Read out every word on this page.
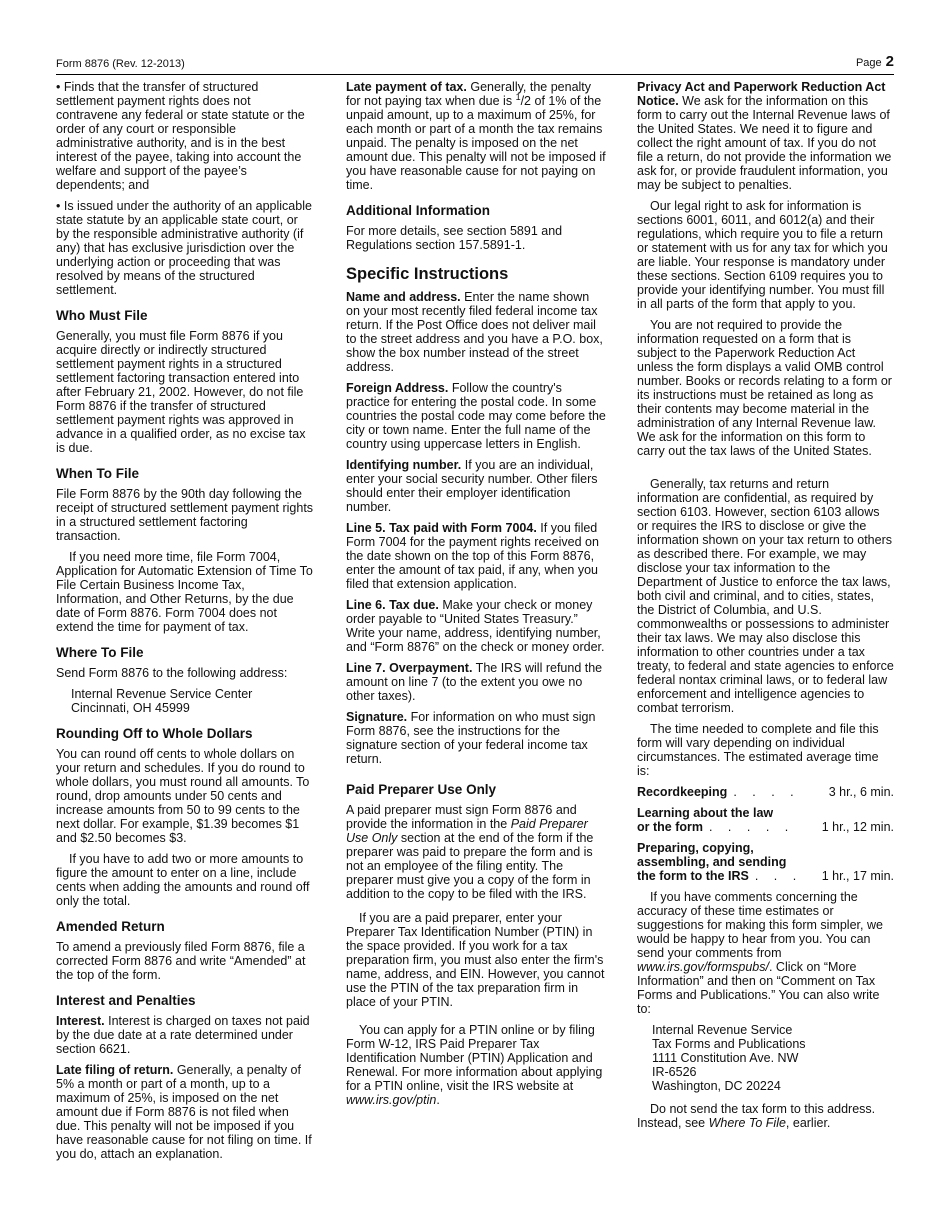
Form 8876 (Rev. 12-2013)	Page 2

• Finds that the transfer of structured settlement payment rights does not contravene any federal or state statute or the order of any court or responsible administrative authority, and is in the best interest of the payee, taking into account the welfare and support of the payee’s dependents; and

• Is issued under the authority of an applicable state statute by an applicable state court, or by the responsible administrative authority (if any) that has exclusive jurisdiction over the underlying action or proceeding that was resolved by means of the structured settlement.

Who Must File

Generally, you must file Form 8876 if you acquire directly or indirectly structured settlement payment rights in a structured settlement factoring transaction entered into after February 21, 2002. However, do not file Form 8876 if the transfer of structured settlement payment rights was approved in advance in a qualified order, as no excise tax is due.

When To File

File Form 8876 by the 90th day following the receipt of structured settlement payment rights in a structured settlement factoring transaction.

If you need more time, file Form 7004, Application for Automatic Extension of Time To File Certain Business Income Tax, Information, and Other Returns, by the due date of Form 8876. Form 7004 does not extend the time for payment of tax.

Where To File

Send Form 8876 to the following address:

Internal Revenue Service Center
Cincinnati, OH 45999
Rounding Off to Whole Dollars

You can round off cents to whole dollars on your return and schedules. If you do round to whole dollars, you must round all amounts. To round, drop amounts under 50 cents and increase amounts from 50 to 99 cents to the next dollar. For example, $1.39 becomes $1 and $2.50 becomes $3.

If you have to add two or more amounts to figure the amount to enter on a line, include cents when adding the amounts and round off only the total.

Amended Return

To amend a previously filed Form 8876, file a corrected Form 8876 and write “Amended” at the top of the form.

Interest and Penalties

Interest. Interest is charged on taxes not paid by the due date at a rate determined under section 6621.

Late filing of return. Generally, a penalty of 5% a month or part of a month, up to a maximum of 25%, is imposed on the net amount due if Form 8876 is not filed when due. This penalty will not be imposed if you have reasonable cause for not filing on time. If you do, attach an explanation.

Late payment of tax. Generally, the penalty for not paying tax when due is $^1$/2 of 1% of the unpaid amount, up to a maximum of 25%, for each month or part of a month the tax remains unpaid. The penalty is imposed on the net amount due. This penalty will not be imposed if you have reasonable cause for not paying on time.

Additional Information

For more details, see section 5891 and Regulations section 157.5891-1.

Specific Instructions

Name and address. Enter the name shown on your most recently filed federal income tax return. If the Post Office does not deliver mail to the street address and you have a P.O. box, show the box number instead of the street address.

Foreign Address. Follow the country's practice for entering the postal code. In some countries the postal code may come before the city or town name. Enter the full name of the country using uppercase letters in English.

Identifying number. If you are an individual, enter your social security number. Other filers should enter their employer identification number.

Line 5. Tax paid with Form 7004. If you filed Form 7004 for the payment rights received on the date shown on the top of this Form 8876, enter the amount of tax paid, if any, when you filed that extension application.

Line 6. Tax due. Make your check or money order payable to “United States Treasury.” Write your name, address, identifying number, and “Form 8876” on the check or money order.

Line 7. Overpayment. The IRS will refund the amount on line 7 (to the extent you owe no other taxes).

Signature. For information on who must sign Form 8876, see the instructions for the signature section of your federal income tax return.

Paid Preparer Use Only

A paid preparer must sign Form 8876 and provide the information in the Paid Preparer Use Only section at the end of the form if the preparer was paid to prepare the form and is not an employee of the filing entity. The preparer must give you a copy of the form in addition to the copy to be filed with the IRS.

If you are a paid preparer, enter your Preparer Tax Identification Number (PTIN) in the space provided. If you work for a tax preparation firm, you must also enter the firm's name, address, and EIN. However, you cannot use the PTIN of the tax preparation firm in place of your PTIN.

You can apply for a PTIN online or by filing Form W-12, IRS Paid Preparer Tax Identification Number (PTIN) Application and Renewal. For more information about applying for a PTIN online, visit the IRS website at www.irs.gov/ptin.

Privacy Act and Paperwork Reduction Act Notice. We ask for the information on this form to carry out the Internal Revenue laws of the United States. We need it to figure and collect the right amount of tax. If you do not file a return, do not provide the information we ask for, or provide fraudulent information, you may be subject to penalties.

Our legal right to ask for information is sections 6001, 6011, and 6012(a) and their regulations, which require you to file a return or statement with us for any tax for which you are liable. Your response is mandatory under these sections. Section 6109 requires you to provide your identifying number. You must fill in all parts of the form that apply to you.

You are not required to provide the information requested on a form that is subject to the Paperwork Reduction Act unless the form displays a valid OMB control number. Books or records relating to a form or its instructions must be retained as long as their contents may become material in the administration of any Internal Revenue law. We ask for the information on this form to carry out the tax laws of the United States.

Generally, tax returns and return information are confidential, as required by section 6103. However, section 6103 allows or requires the IRS to disclose or give the information shown on your tax return to others as described there. For example, we may disclose your tax information to the Department of Justice to enforce the tax laws, both civil and criminal, and to cities, states, the District of Columbia, and U.S. commonwealths or possessions to administer their tax laws. We may also disclose this information to other countries under a tax treaty, to federal and state agencies to enforce federal nontax criminal laws, or to federal law enforcement and intelligence agencies to combat terrorism.

The time needed to complete and file this form will vary depending on individual circumstances. The estimated average time is:

Recordkeeping . . . . 3 hr., 6 min.
Learning about the law
or the form . . . . . 1 hr., 12 min.
Preparing, copying,
assembling, and sending
the form to the IRS . . . 1 hr., 17 min.

If you have comments concerning the accuracy of these time estimates or suggestions for making this form simpler, we would be happy to hear from you. You can send your comments from www.irs.gov/formspubs/. Click on “More Information” and then on “Comment on Tax Forms and Publications.” You can also write to:

Internal Revenue Service
Tax Forms and Publications
1111 Constitution Ave. NW
IR-6526
Washington, DC 20224

Do not send the tax form to this address. Instead, see Where To File, earlier.
